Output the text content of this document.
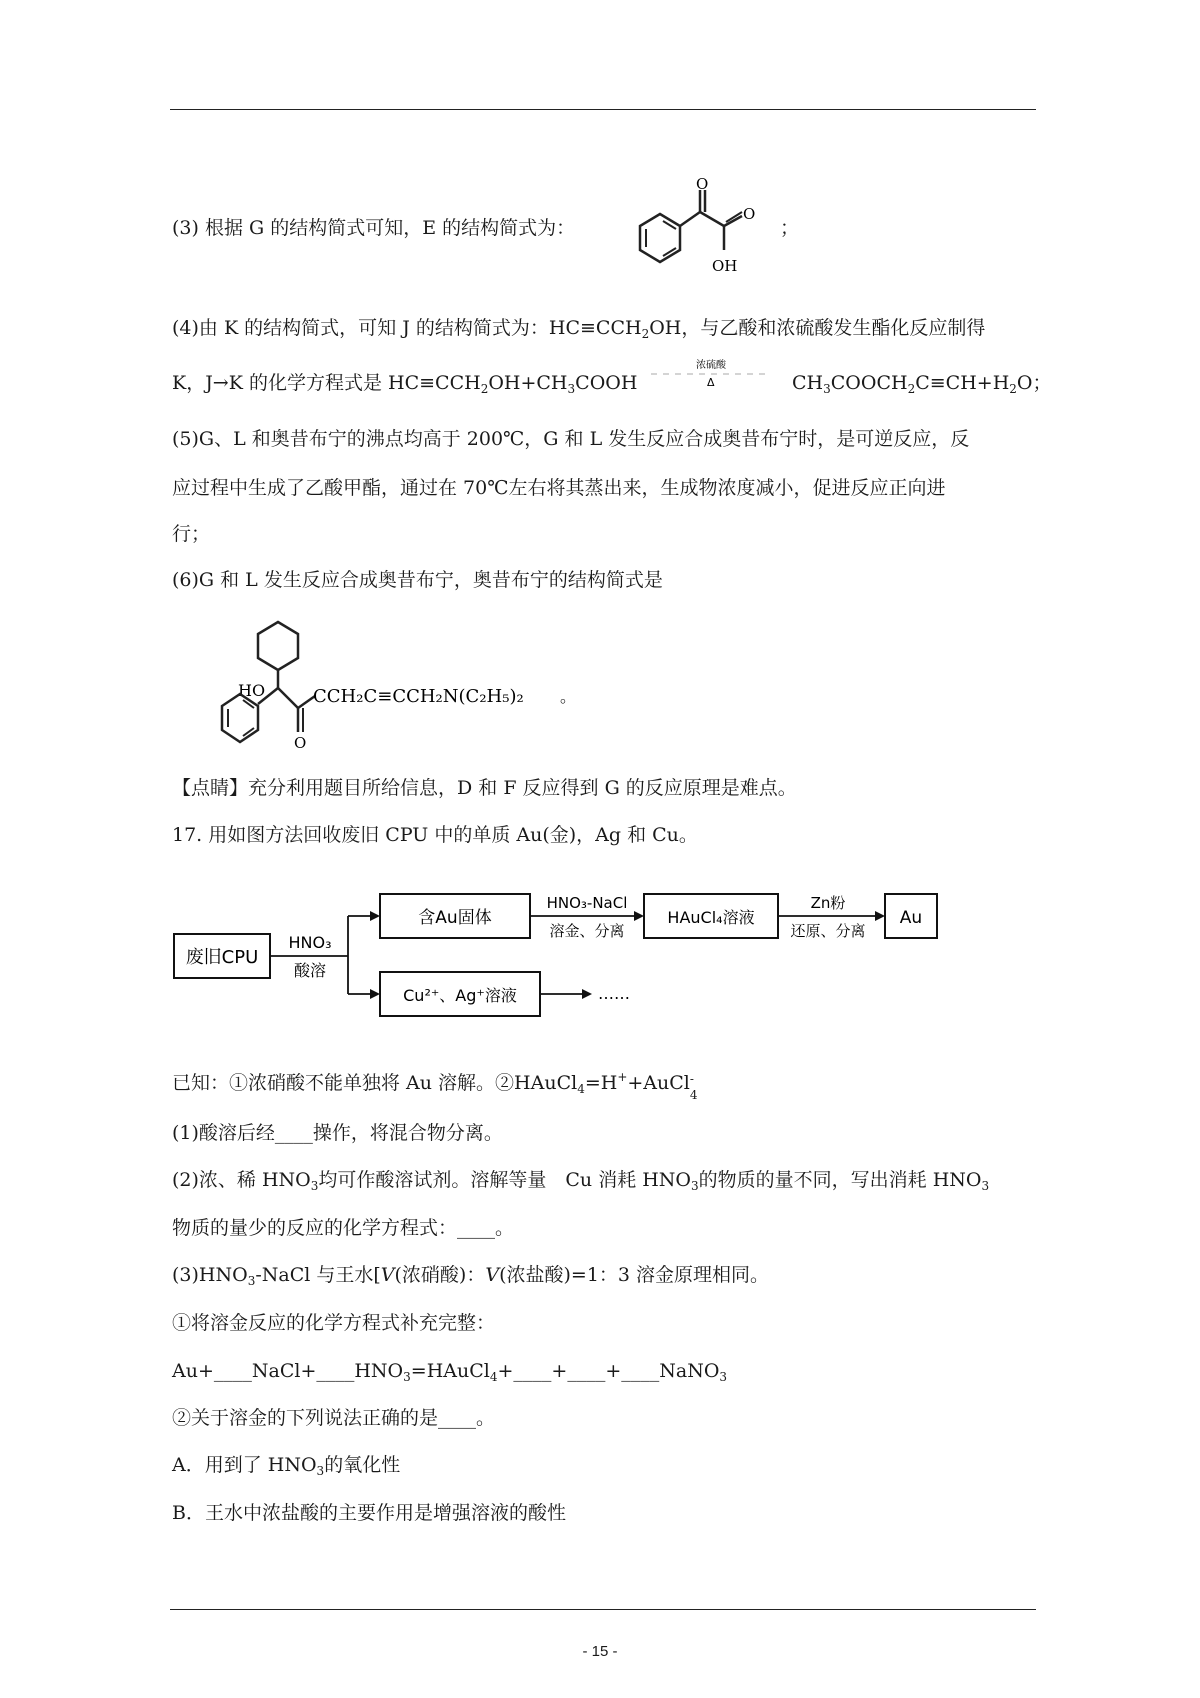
(3) 根据 G 的结构简式可知，E 的结构简式为：

O
O
OH

；

(4)由 K 的结构简式，可知 J 的结构简式为：$HC\equiv CCH_2OH$，与乙酸和浓硫酸发生酯化反应制得

K，J→K 的化学方程式是 $HC\equiv CCH_2OH+CH_3COOH$

浓硫酸
Δ	$CH_3COOCH_2C\equiv CH+H_2O$；

(5)G、L 和奥昔布宁的沸点均高于 200℃，G 和 L 发生反应合成奥昔布宁时，是可逆反应，反

应过程中生成了乙酸甲酯，通过在 70℃左右将其蒸出来，生成物浓度减小，促进反应正向进

行；

(6)G 和 L 发生反应合成奥昔布宁，奥昔布宁的结构简式是

HO
O
CCH₂C≡CCH₂N(C₂H₅)₂ 。

【点睛】充分利用题目所给信息，D 和 F 反应得到 G 的反应原理是难点。

17. 用如图方法回收废旧 CPU 中的单质 Au(金)，Ag 和 Cu。

废旧CPU
HNO₃
酸溶
含Au固体
HNO₃-NaCl
溶金、分离
HAuCl₄溶液
Zn粉
还原、分离
Au
Cu²⁺、Ag⁺溶液	……

已知：①浓硝酸不能单独将 Au 溶解。②HAuCl$_4$=H++AuCl -
4

(1)酸溶后经____操作，将混合物分离。

(2)浓、稀 $HNO_3$均可作酸溶试剂。溶解等量　Cu 消耗 $HNO_3$的物质的量不同，写出消耗 $HNO_3$

物质的量少的反应的化学方程式：____。

$(3)HNO_3$-NaCl 与王水[V(浓硝酸)：V(浓盐酸)=1：3 溶金原理相同。

①将溶金反应的化学方程式补充完整：

$Au+\_\_\_\_NaCl+\_\_\_\_HNO_3=HAuCl_4+\_\_\_\_+\_\_\_\_+\_\_\_\_NaNO_3$

②关于溶金的下列说法正确的是____。

A．用到了 $HNO_3$的氧化性

B．王水中浓盐酸的主要作用是增强溶液的酸性

- 15 -
